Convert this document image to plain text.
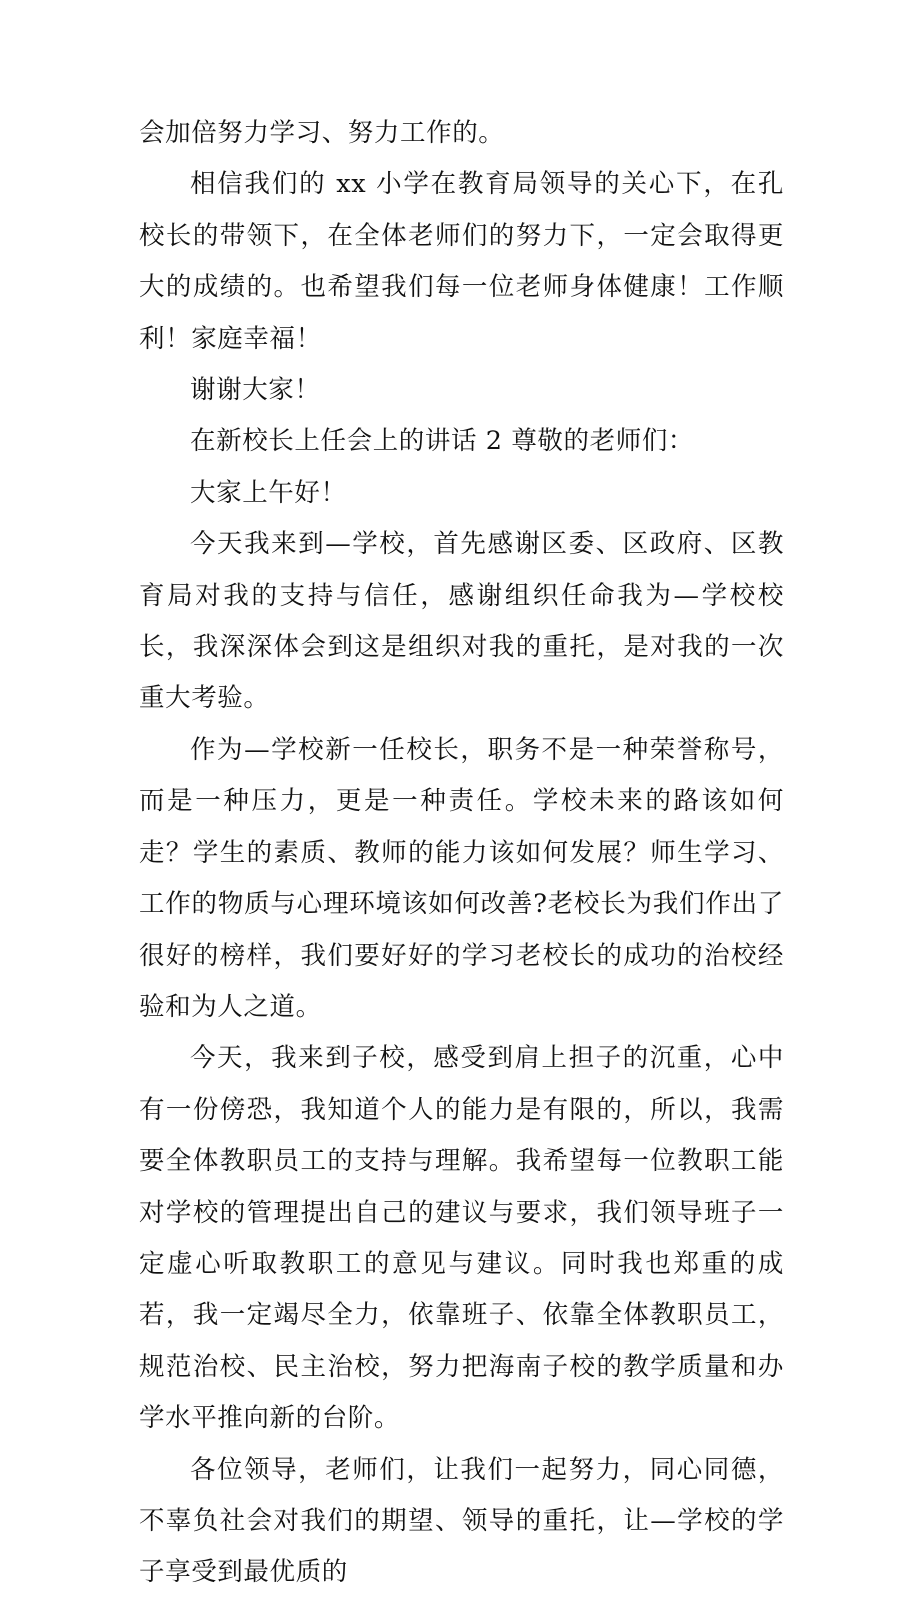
会加倍努力学习、努力工作的。

相信我们的 xx 小学在教育局领导的关心下，在孔校长的带领下，在全体老师们的努力下，一定会取得更大的成绩的。也希望我们每一位老师身体健康！工作顺利！家庭幸福！

谢谢大家！

在新校长上任会上的讲话 2 尊敬的老师们：

大家上午好！

今天我来到—学校，首先感谢区委、区政府、区教育局对我的支持与信任，感谢组织任命我为—学校校长，我深深体会到这是组织对我的重托，是对我的一次重大考验。

作为—学校新一任校长，职务不是一种荣誉称号，而是一种压力，更是一种责任。学校未来的路该如何走？学生的素质、教师的能力该如何发展？师生学习、工作的物质与心理环境该如何改善?老校长为我们作出了很好的榜样，我们要好好的学习老校长的成功的治校经验和为人之道。

今天，我来到子校，感受到肩上担子的沉重，心中有一份傍恐，我知道个人的能力是有限的，所以，我需要全体教职员工的支持与理解。我希望每一位教职工能对学校的管理提出自己的建议与要求，我们领导班子一定虚心听取教职工的意见与建议。同时我也郑重的成若，我一定竭尽全力，依靠班子、依靠全体教职员工，规范治校、民主治校，努力把海南子校的教学质量和办学水平推向新的台阶。

各位领导，老师们，让我们一起努力，同心同德，不辜负社会对我们的期望、领导的重托，让—学校的学子享受到最优质的
